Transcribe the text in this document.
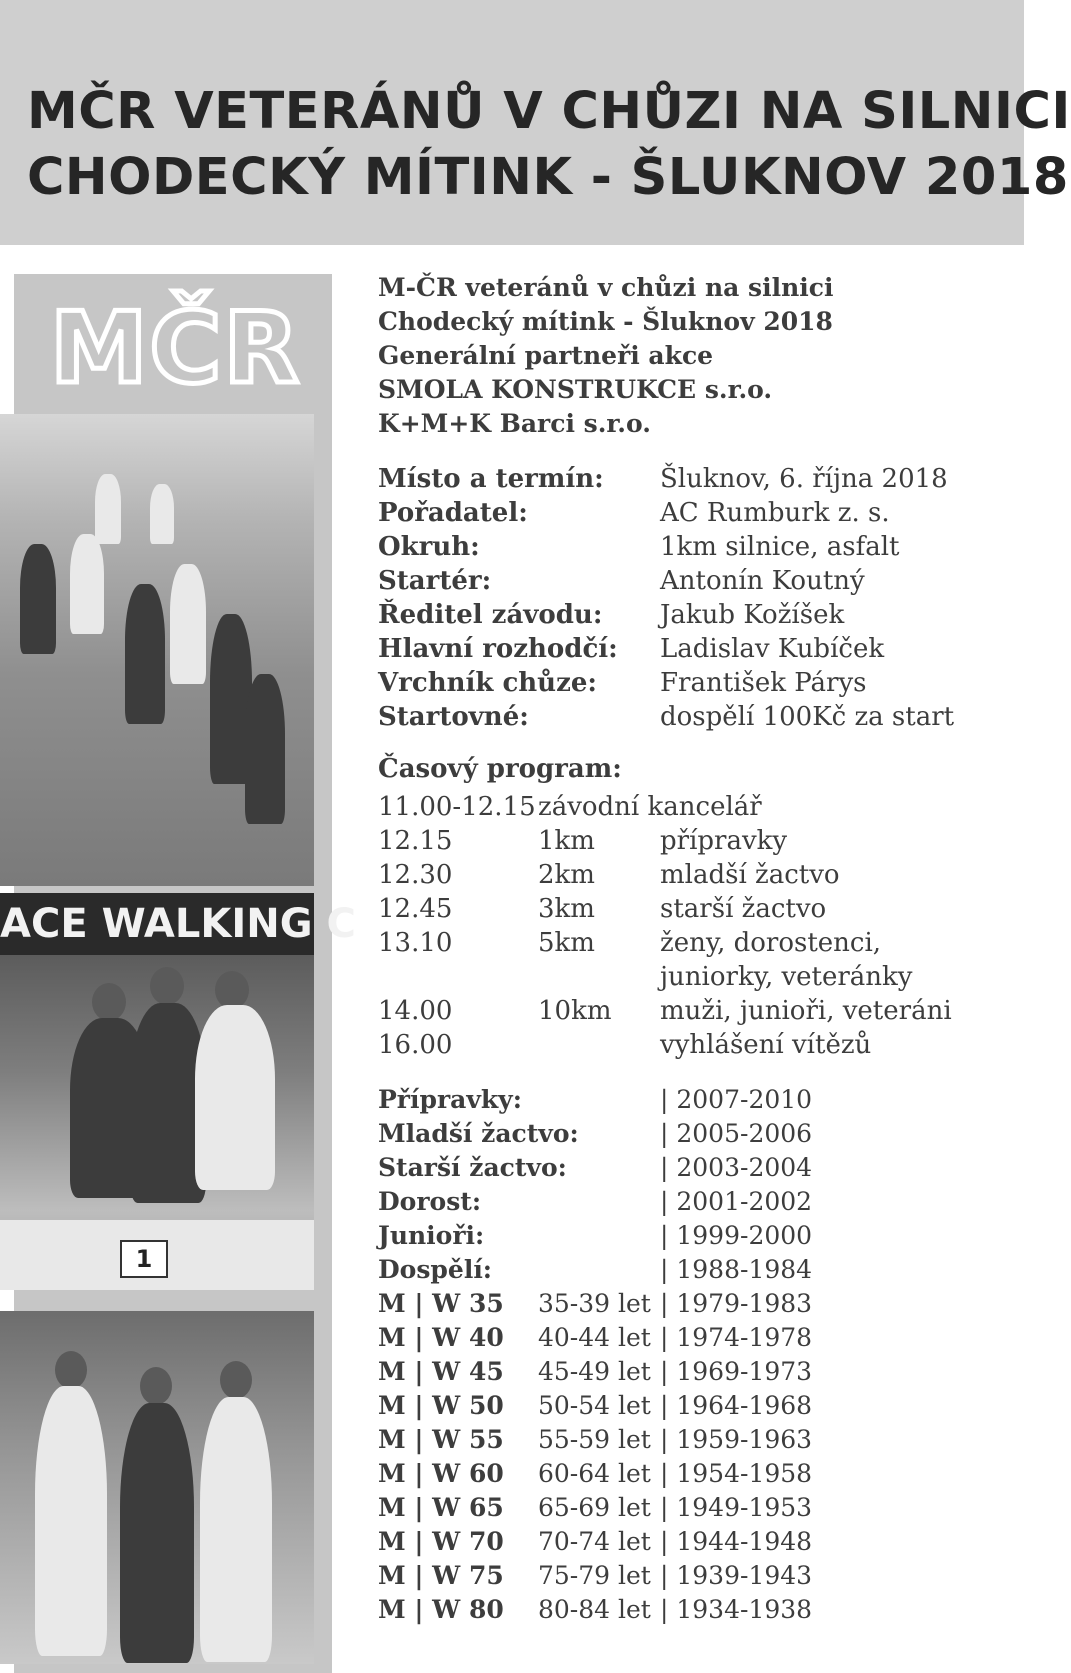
MČR VETERÁNŮ V CHŮZI NA SILNICI
CHODECKÝ MÍTINK - ŠLUKNOV 2018
MČR
ACE WALKING C
1
M-ČR veteránů v chůzi na silnici
Chodecký mítink - Šluknov 2018
Generální partneři akce
SMOLA KONSTRUKCE s.r.o.
K+M+K Barci s.r.o.
Místo a termín: Šluknov, 6. října 2018
Pořadatel:	AC Rumburk z. s.
Okruh:	1km silnice, asfalt
Startér:	Antonín Koutný
Ředitel závodu: Jakub Kožíšek
Hlavní rozhodčí: Ladislav Kubíček
Vrchník chůze: František Párys
Startovné:	dospělí 100Kč za start
Časový program:
11.00-12.15 závodní kancelář
12.15	1km	přípravky
12.30	2km	mladší žactvo
12.45	3km	starší žactvo
13.10	5km	ženy, dorostenci,
juniorky, veteránky
14.00	10km muži, junioři, veteráni
16.00	vyhlášení vítězů
Přípravky:	| 2007-2010
Mladší žactvo:	| 2005-2006
Starší žactvo:	| 2003-2004
Dorost:	| 2001-2002
Junioři:	| 1999-2000
Dospělí:	| 1988-1984
M | W 35 35-39 let | 1979-1983
M | W 40 40-44 let | 1974-1978
M | W 45 45-49 let | 1969-1973
M | W 50 50-54 let | 1964-1968
M | W 55 55-59 let | 1959-1963
M | W 60 60-64 let | 1954-1958
M | W 65 65-69 let | 1949-1953
M | W 70 70-74 let | 1944-1948
M | W 75 75-79 let | 1939-1943
M | W 80 80-84 let | 1934-1938
